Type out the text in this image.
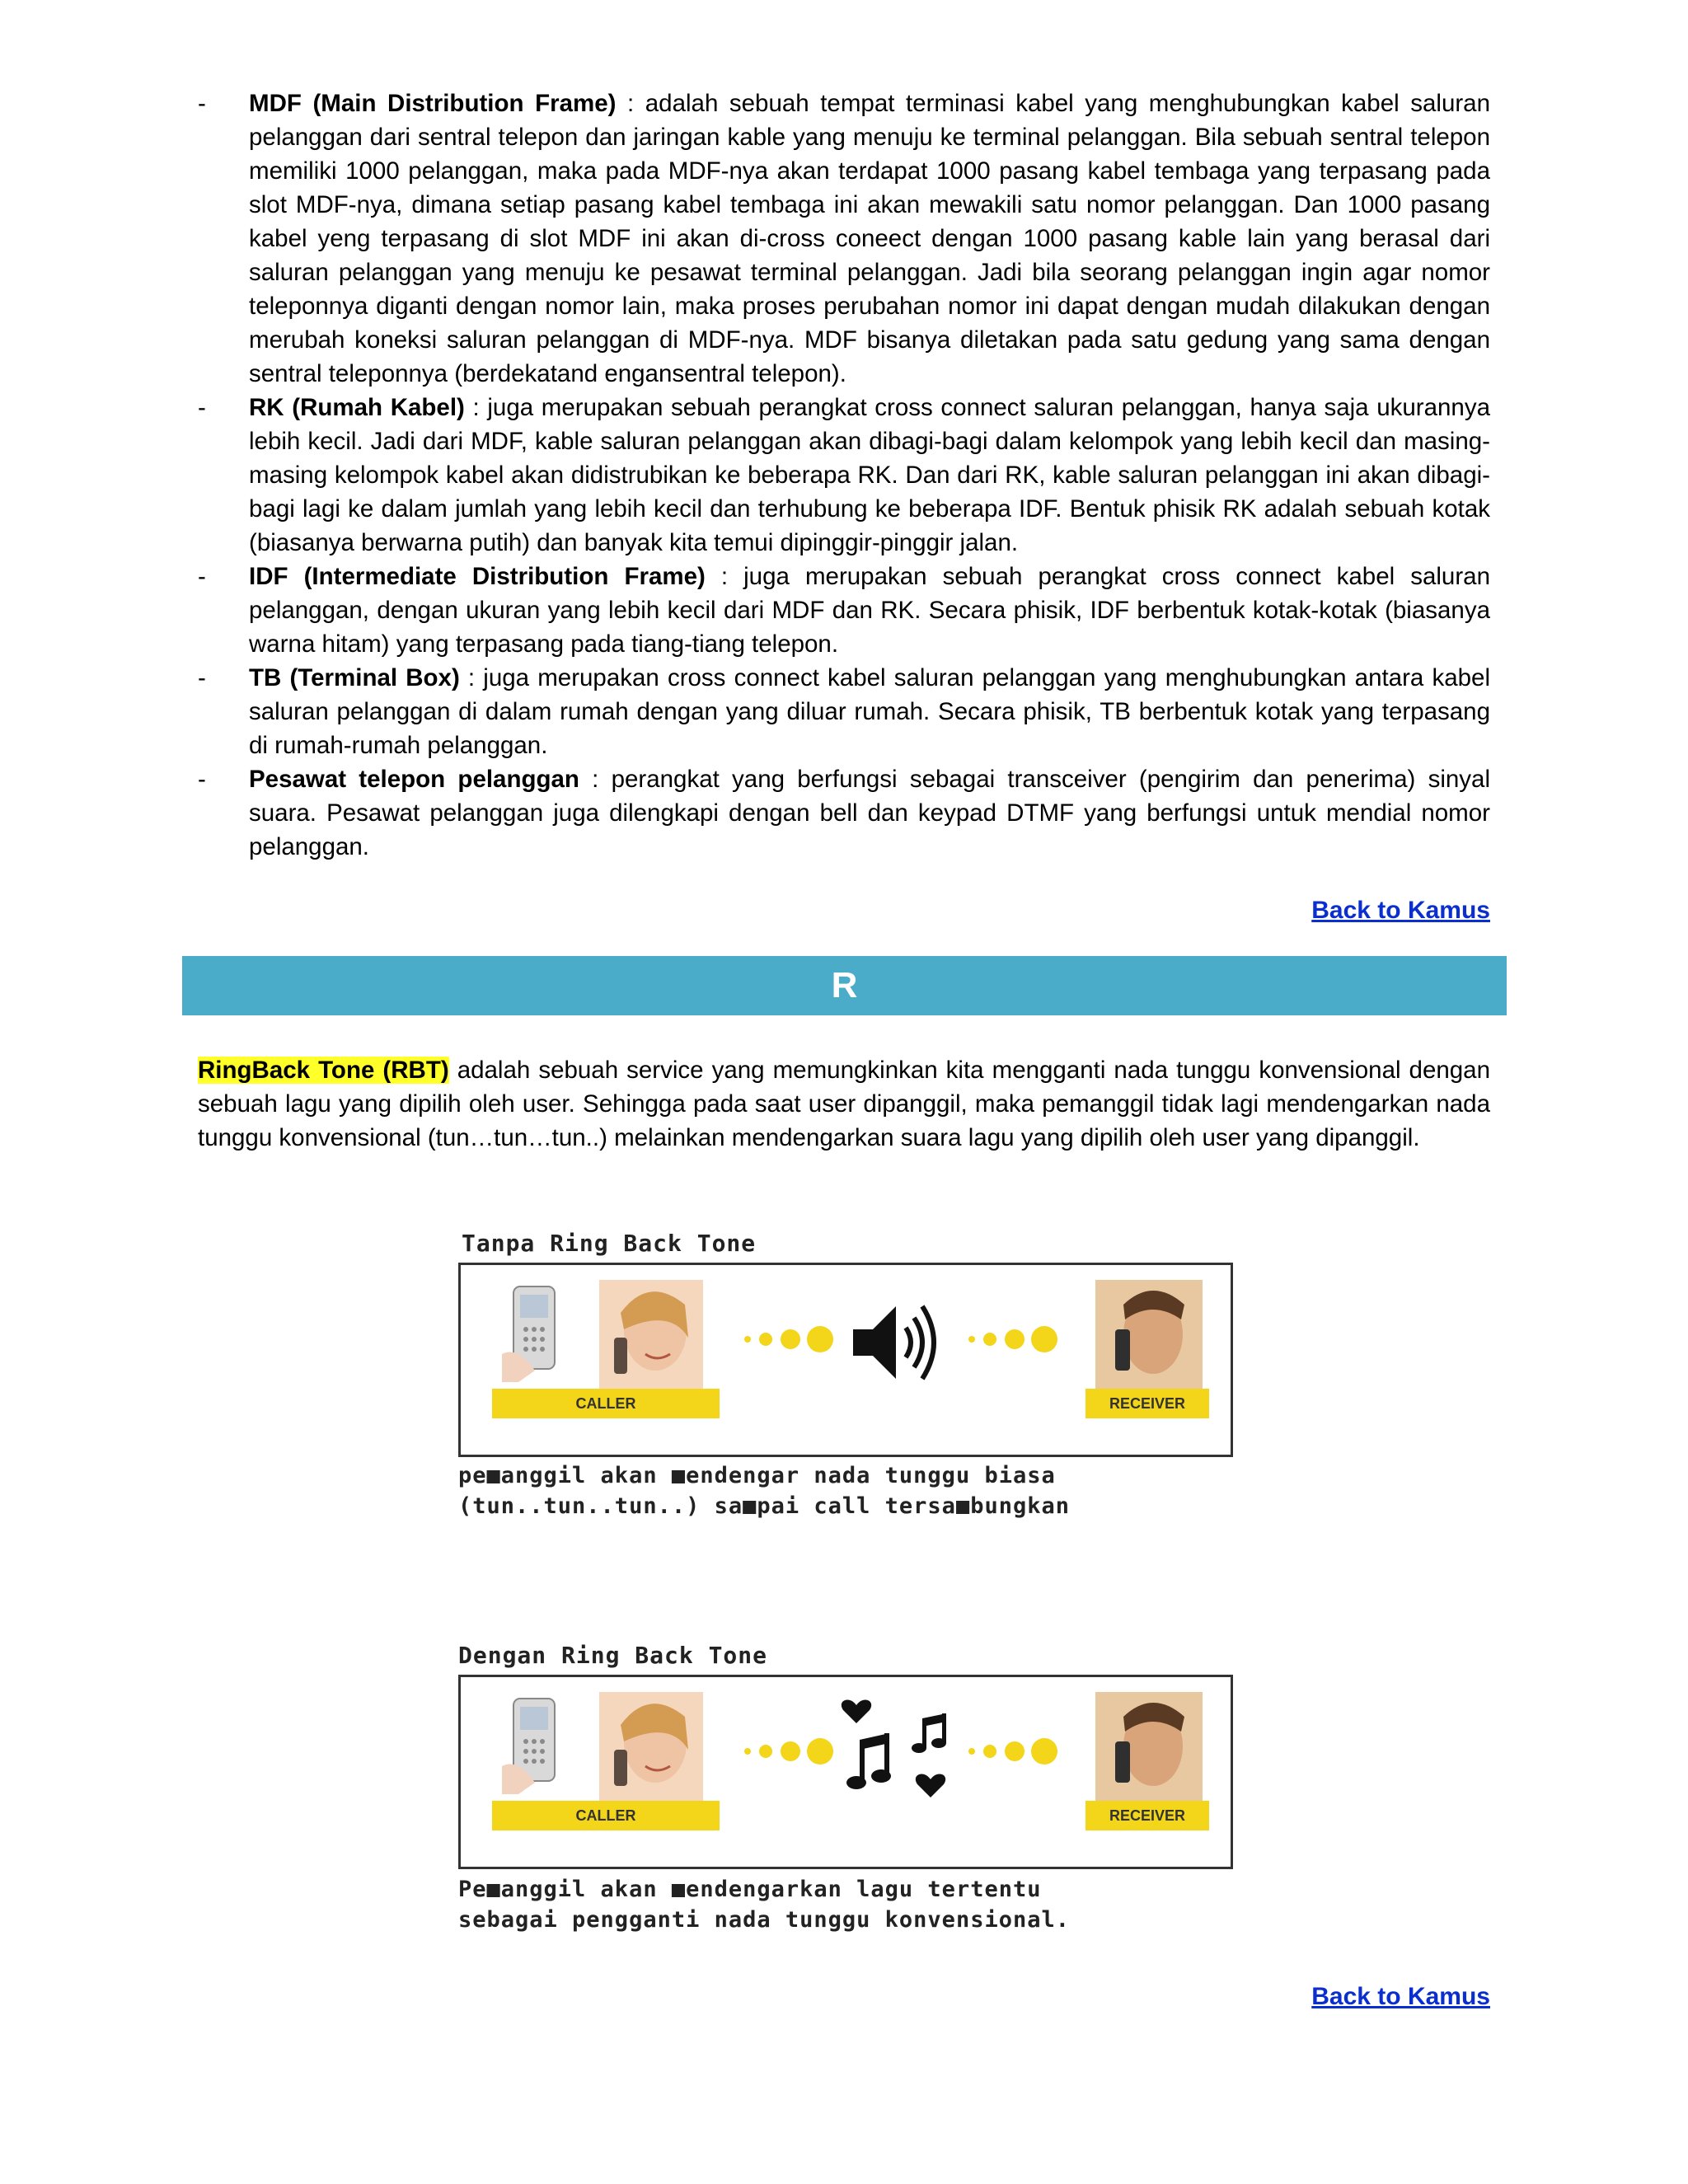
- MDF (Main Distribution Frame) : adalah sebuah tempat terminasi kabel yang menghubungkan kabel saluran pelanggan dari sentral telepon dan jaringan kable yang menuju ke terminal pelanggan. Bila sebuah sentral telepon memiliki 1000 pelanggan, maka pada MDF-nya akan terdapat 1000 pasang kabel tembaga yang terpasang pada slot MDF-nya, dimana setiap pasang kabel tembaga ini akan mewakili satu nomor pelanggan. Dan 1000 pasang kabel yeng terpasang di slot MDF ini akan di-cross coneect dengan 1000 pasang kable lain yang berasal dari saluran pelanggan yang menuju ke pesawat terminal pelanggan. Jadi bila seorang pelanggan ingin agar nomor teleponnya diganti dengan nomor lain, maka proses perubahan nomor ini dapat dengan mudah dilakukan dengan merubah koneksi saluran pelanggan di MDF-nya. MDF bisanya diletakan pada satu gedung yang sama dengan sentral teleponnya (berdekatand engansentral telepon).

- RK (Rumah Kabel) : juga merupakan sebuah perangkat cross connect saluran pelanggan, hanya saja ukurannya lebih kecil. Jadi dari MDF, kable saluran pelanggan akan dibagi-bagi dalam kelompok yang lebih kecil dan masing-masing kelompok kabel akan didistrubikan ke beberapa RK. Dan dari RK, kable saluran pelanggan ini akan dibagi-bagi lagi ke dalam jumlah yang lebih kecil dan terhubung ke beberapa IDF. Bentuk phisik RK adalah sebuah kotak (biasanya berwarna putih) dan banyak kita temui dipinggir-pinggir jalan.

- IDF (Intermediate Distribution Frame) : juga merupakan sebuah perangkat cross connect kabel saluran pelanggan, dengan ukuran yang lebih kecil dari MDF dan RK. Secara phisik, IDF berbentuk kotak-kotak (biasanya warna hitam) yang terpasang pada tiang-tiang telepon.

- TB (Terminal Box) : juga merupakan cross connect kabel saluran pelanggan yang menghubungkan antara kabel saluran pelanggan di dalam rumah dengan yang diluar rumah. Secara phisik, TB berbentuk kotak yang terpasang di rumah-rumah pelanggan.

- Pesawat telepon pelanggan : perangkat yang berfungsi sebagai transceiver (pengirim dan penerima) sinyal suara. Pesawat pelanggan juga dilengkapi dengan bell dan keypad DTMF yang berfungsi untuk mendial nomor pelanggan.

Back to Kamus
R

RingBack Tone (RBT) adalah sebuah service yang memungkinkan kita mengganti nada tunggu konvensional dengan sebuah lagu yang dipilih oleh user. Sehingga pada saat user dipanggil, maka pemanggil tidak lagi mendengarkan nada tunggu konvensional (tun…tun…tun..) melainkan mendengarkan suara lagu yang dipilih oleh user yang dipanggil.

Tanpa Ring Back Tone
CALLER	RECEIVER
pe■anggil akan ■endengar nada tunggu biasa
(tun..tun..tun..) sa■pai call tersa■bungkan
Dengan Ring Back Tone
CALLER	RECEIVER
Pe■anggil akan ■endengarkan lagu tertentu
sebagai pengganti nada tunggu konvensional.
Back to Kamus
